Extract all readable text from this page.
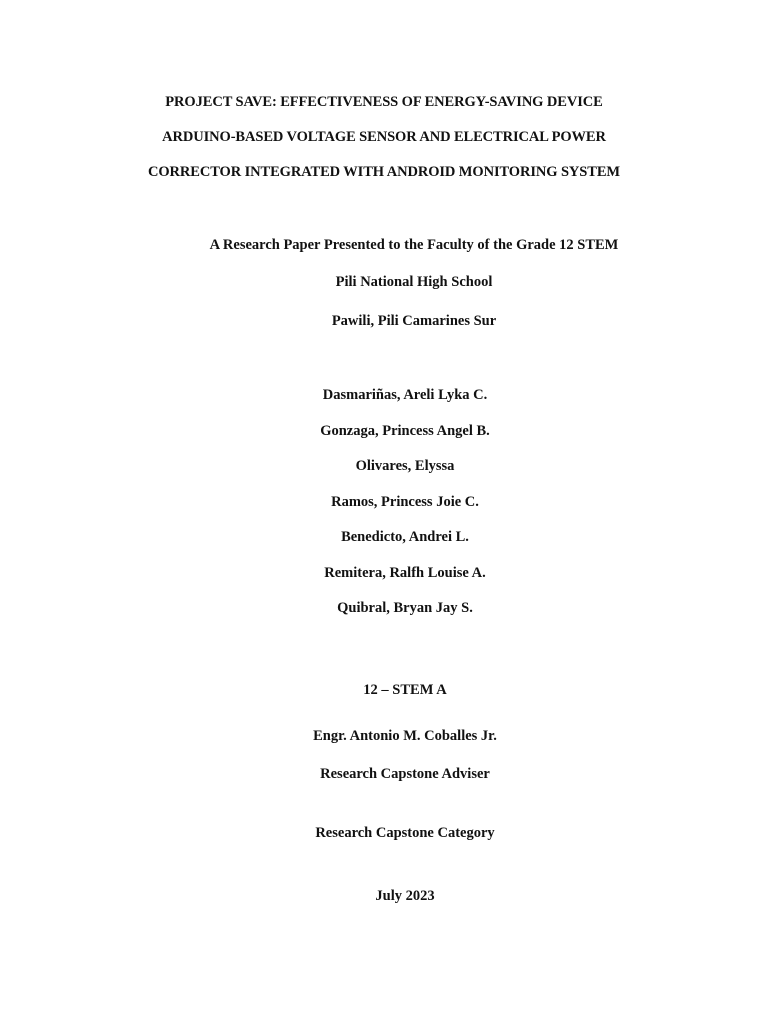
PROJECT SAVE: EFFECTIVENESS OF ENERGY-SAVING DEVICE
ARDUINO-BASED VOLTAGE SENSOR AND ELECTRICAL POWER
CORRECTOR INTEGRATED WITH ANDROID MONITORING SYSTEM
A Research Paper Presented to the Faculty of the Grade 12 STEM
Pili National High School
Pawili, Pili Camarines Sur
Dasmariñas, Areli Lyka C.
Gonzaga, Princess Angel B.
Olivares, Elyssa
Ramos, Princess Joie C.
Benedicto, Andrei L.
Remitera, Ralfh Louise A.
Quibral, Bryan Jay S.
12 – STEM A
Engr. Antonio M. Coballes Jr.
Research Capstone Adviser
Research Capstone Category
July 2023
